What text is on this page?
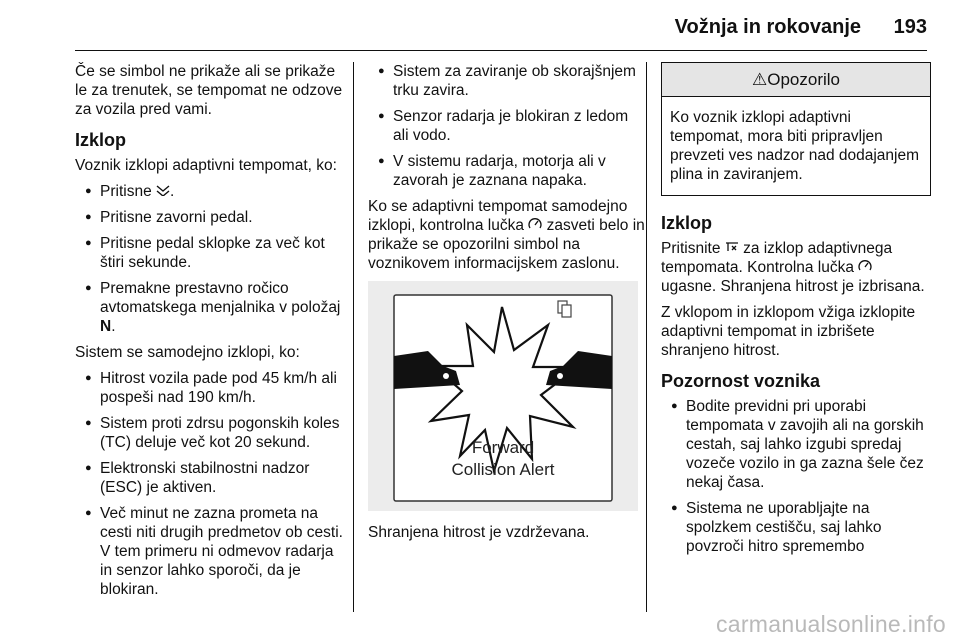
Vožnja in rokovanje 193

Če se simbol ne prikaže ali se prikaže le za trenutek, se tempomat ne odzove za vozila pred vami.

Izklop

Voznik izklopi adaptivni tempomat, ko:

● Pritisne .
● Pritisne zavorni pedal.
● Pritisne pedal sklopke za več kot štiri sekunde.
● Premakne prestavno ročico avtomatskega menjalnika v položaj N.

Sistem se samodejno izklopi, ko:

● Hitrost vozila pade pod 45 km/h ali pospeši nad 190 km/h.
● Sistem proti zdrsu pogonskih koles (TC) deluje več kot 20 sekund.
● Elektronski stabilnostni nadzor (ESC) je aktiven.
● Več minut ne zazna prometa na cesti niti drugih predmetov ob cesti. V tem primeru ni odmevov radarja in senzor lahko sporoči, da je blokiran.
● Sistem za zaviranje ob skorajšnjem trku zavira.
● Senzor radarja je blokiran z ledom ali vodo.
● V sistemu radarja, motorja ali v zavorah je zaznana napaka.

Ko se adaptivni tempomat samodejno izklopi, kontrolna lučka zasveti belo in prikaže se opozorilni simbol na voznikovem informacijskem zaslonu.

Forward
Collision Alert

Shranjena hitrost je vzdrževana.

⚠Opozorilo
Ko voznik izklopi adaptivni tempomat, mora biti pripravljen prevzeti ves nadzor nad dodajanjem plina in zaviranjem.
Izklop

Pritisnite za izklop adaptivnega tempomata. Kontrolna lučka  ugasne. Shranjena hitrost je izbrisana.

Z vklopom in izklopom vžiga izklopite adaptivni tempomat in izbrišete shranjeno hitrost.

Pozornost voznika
● Bodite previdni pri uporabi tempomata v zavojih ali na gorskih cestah, saj lahko izgubi spredaj vozeče vozilo in ga zazna šele čez nekaj časa.
● Sistema ne uporabljajte na spolzkem cestišču, saj lahko povzroči hitro spremembo
carmanualsonline.info
